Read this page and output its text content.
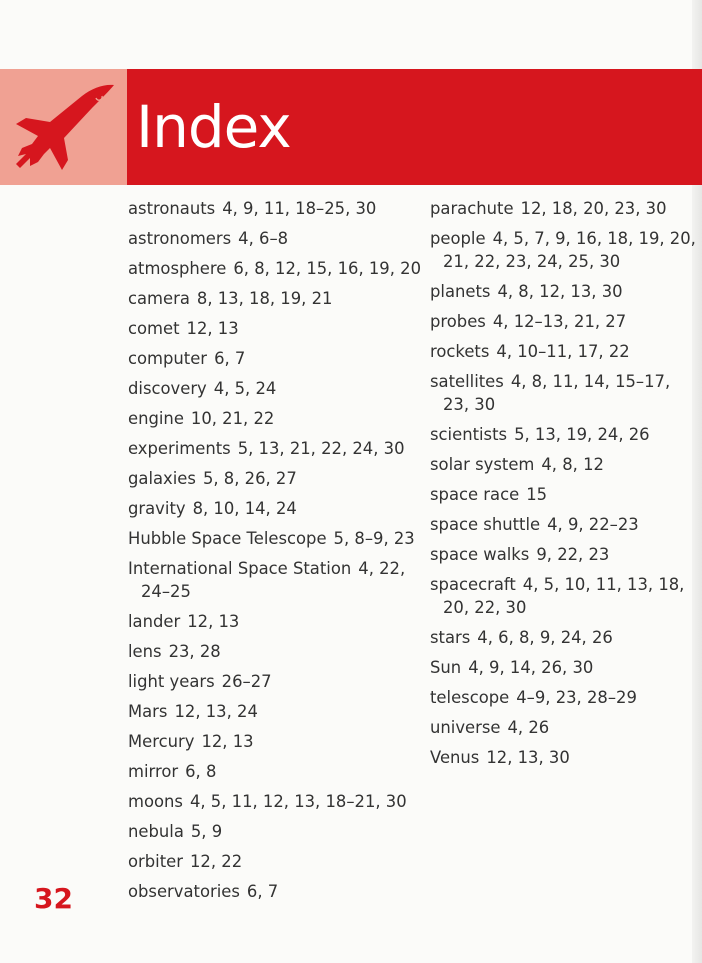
Index
astronauts 4, 9, 11, 18–25, 30
astronomers 4, 6–8
atmosphere 6, 8, 12, 15, 16, 19, 20
camera 8, 13, 18, 19, 21
comet 12, 13
computer 6, 7
discovery 4, 5, 24
engine 10, 21, 22
experiments 5, 13, 21, 22, 24, 30
galaxies 5, 8, 26, 27
gravity 8, 10, 14, 24
Hubble Space Telescope 5, 8–9, 23
International Space Station 4, 22, 24–25
lander 12, 13
lens 23, 28
light years 26–27
Mars 12, 13, 24
Mercury 12, 13
mirror 6, 8
moons 4, 5, 11, 12, 13, 18–21, 30
nebula 5, 9
orbiter 12, 22
observatories 6, 7
parachute 12, 18, 20, 23, 30
people 4, 5, 7, 9, 16, 18, 19, 20, 21, 22, 23, 24, 25, 30
planets 4, 8, 12, 13, 30
probes 4, 12–13, 21, 27
rockets 4, 10–11, 17, 22
satellites 4, 8, 11, 14, 15–17, 23, 30
scientists 5, 13, 19, 24, 26
solar system 4, 8, 12
space race 15
space shuttle 4, 9, 22–23
space walks 9, 22, 23
spacecraft 4, 5, 10, 11, 13, 18, 20, 22, 30
stars 4, 6, 8, 9, 24, 26
Sun 4, 9, 14, 26, 30
telescope 4–9, 23, 28–29
universe 4, 26
Venus 12, 13, 30
32
